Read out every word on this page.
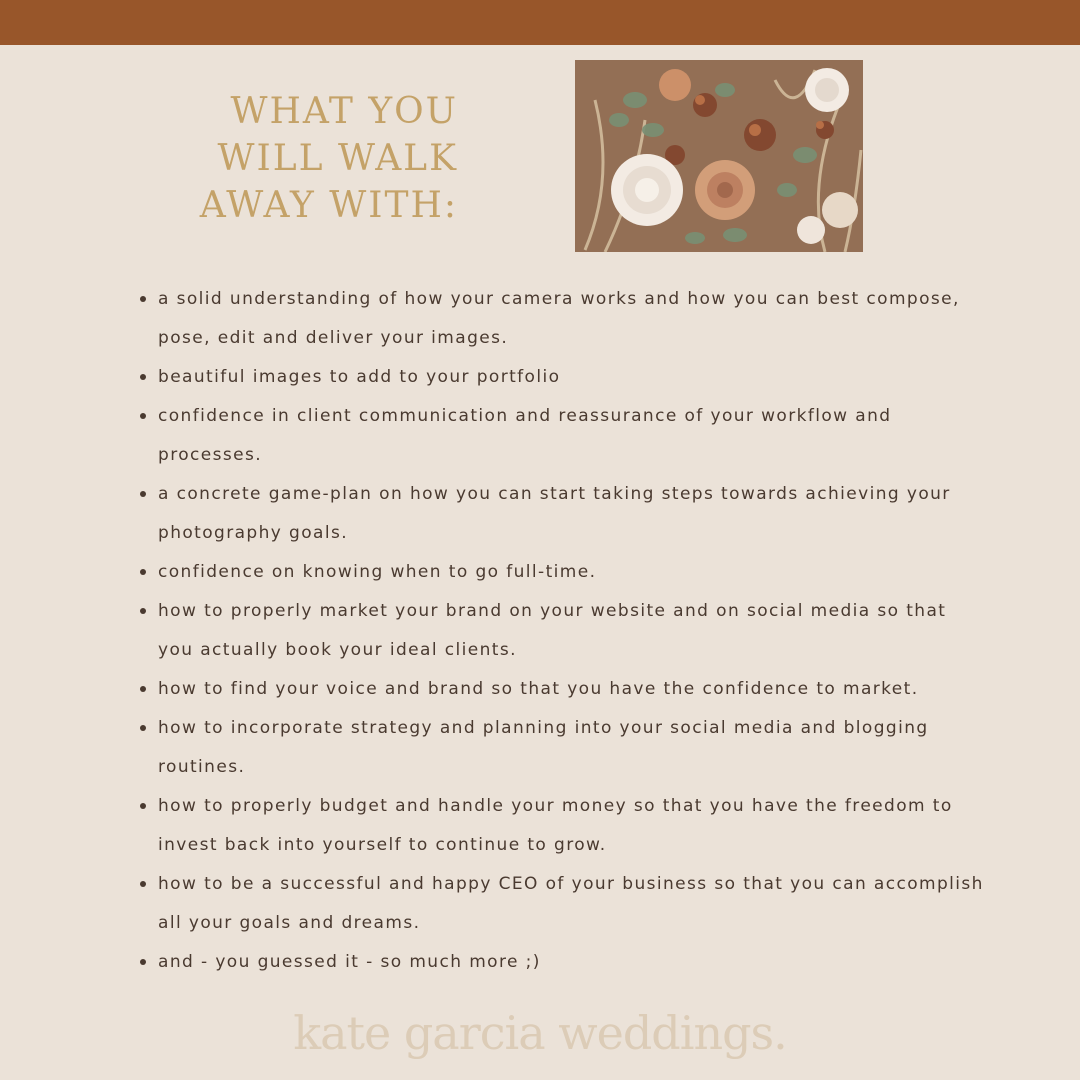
WHAT YOU
WILL WALK
AWAY WITH:
a solid understanding of how your camera works and how you can best compose, pose, edit and deliver your images.
beautiful images to add to your portfolio
confidence in client communication and reassurance of your workflow and processes.
a concrete game-plan on how you can start taking steps towards achieving your photography goals.
confidence on knowing when to go full-time.
how to properly market your brand on your website and on social media so that you actually book your ideal clients.
how to find your voice and brand so that you have the confidence to market.
how to incorporate strategy and planning into your social media and blogging routines.
how to properly budget and handle your money so that you have the freedom to invest back into yourself to continue to grow.
how to be a successful and happy CEO of your business so that you can accomplish all your goals and dreams.
and - you guessed it - so much more ;)
kate garcia weddings.
